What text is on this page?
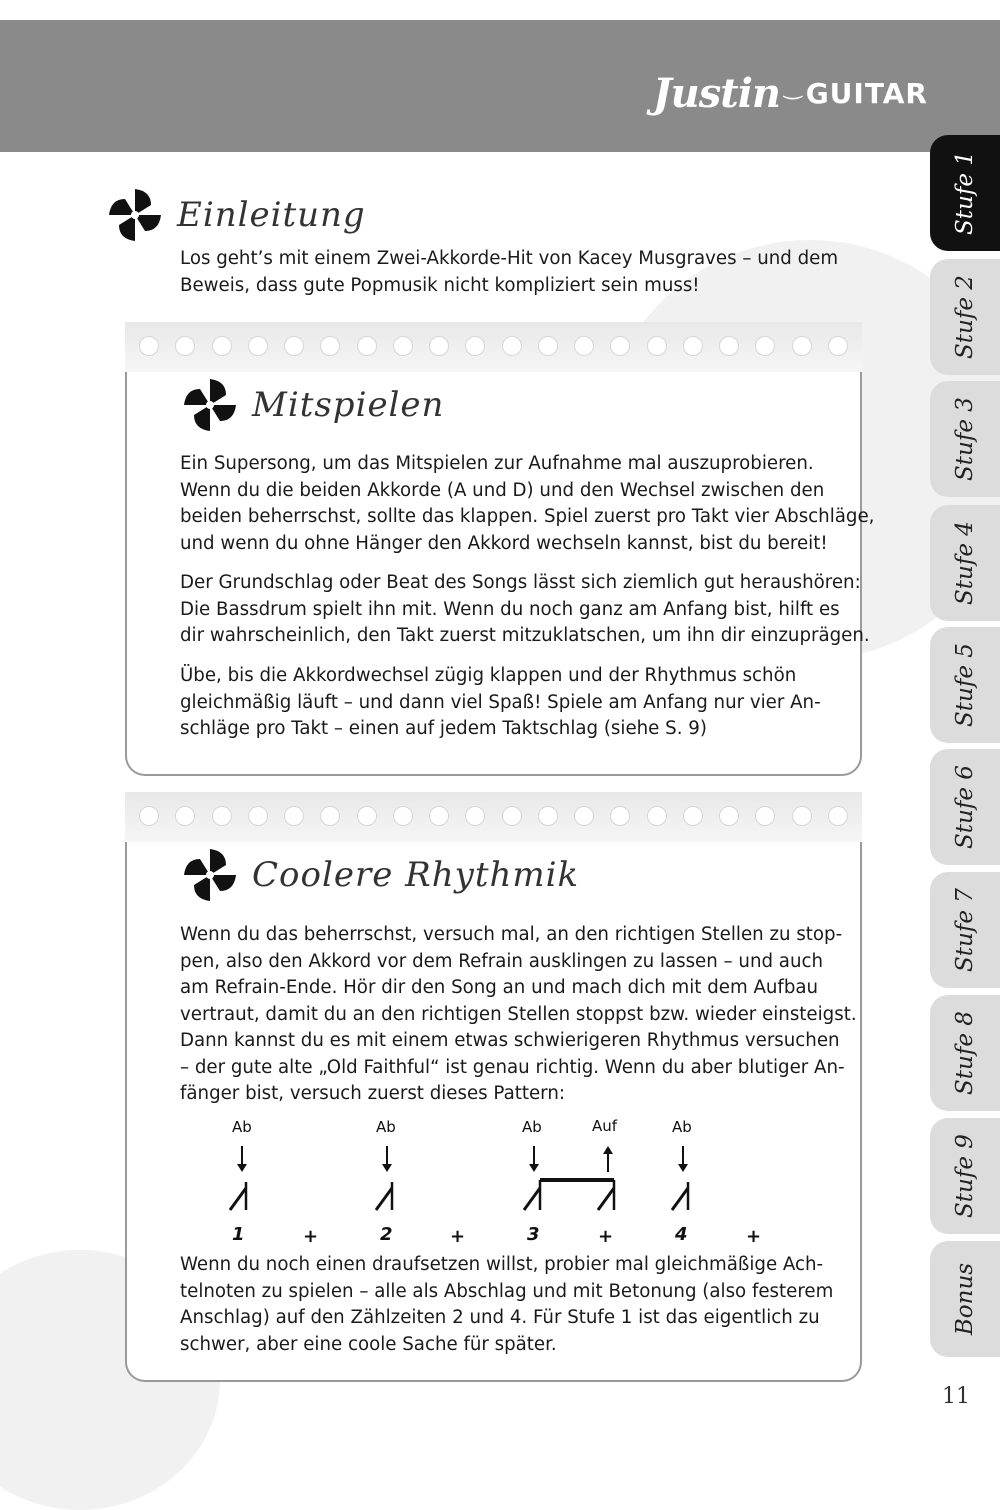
Justin ‿ GUITAR
Stufe 1
Stufe 2
Stufe 3
Stufe 4
Stufe 5
Stufe 6
Stufe 7
Stufe 8
Stufe 9
Bonus
Einleitung

Los geht’s mit einem Zwei-Akkorde-Hit von Kacey Musgraves – und dem
Beweis, dass gute Popmusik nicht kompliziert sein muss!

Mitspielen

Ein Supersong, um das Mitspielen zur Aufnahme mal auszuprobieren.
Wenn du die beiden Akkorde (A und D) und den Wechsel zwischen den
beiden beherrschst, sollte das klappen. Spiel zuerst pro Takt vier Abschläge,
und wenn du ohne Hänger den Akkord wechseln kannst, bist du bereit!

Der Grundschlag oder Beat des Songs lässt sich ziemlich gut heraushören:
Die Bassdrum spielt ihn mit. Wenn du noch ganz am Anfang bist, hilft es
dir wahrscheinlich, den Takt zuerst mitzuklatschen, um ihn dir einzuprägen.

Übe, bis die Akkordwechsel zügig klappen und der Rhythmus schön
gleichmäßig läuft – und dann viel Spaß! Spiele am Anfang nur vier An-
schläge pro Takt – einen auf jedem Taktschlag (siehe S. 9)

Coolere Rhythmik

Wenn du das beherrschst, versuch mal, an den richtigen Stellen zu stop-
pen, also den Akkord vor dem Refrain ausklingen zu lassen – und auch
am Refrain-Ende. Hör dir den Song an und mach dich mit dem Aufbau
vertraut, damit du an den richtigen Stellen stoppst bzw. wieder einsteigst.
Dann kannst du es mit einem etwas schwierigeren Rhythmus versuchen
– der gute alte „Old Faithful“ ist genau richtig. Wenn du aber blutiger An-
fänger bist, versuch zuerst dieses Pattern:

Ab	Ab	Ab	Auf	Ab
1	+	2	+	3	+	4	+

Wenn du noch einen draufsetzen willst, probier mal gleichmäßige Ach-
telnoten zu spielen – alle als Abschlag und mit Betonung (also festerem
Anschlag) auf den Zählzeiten 2 und 4. Für Stufe 1 ist das eigentlich zu
schwer, aber eine coole Sache für später.

11
